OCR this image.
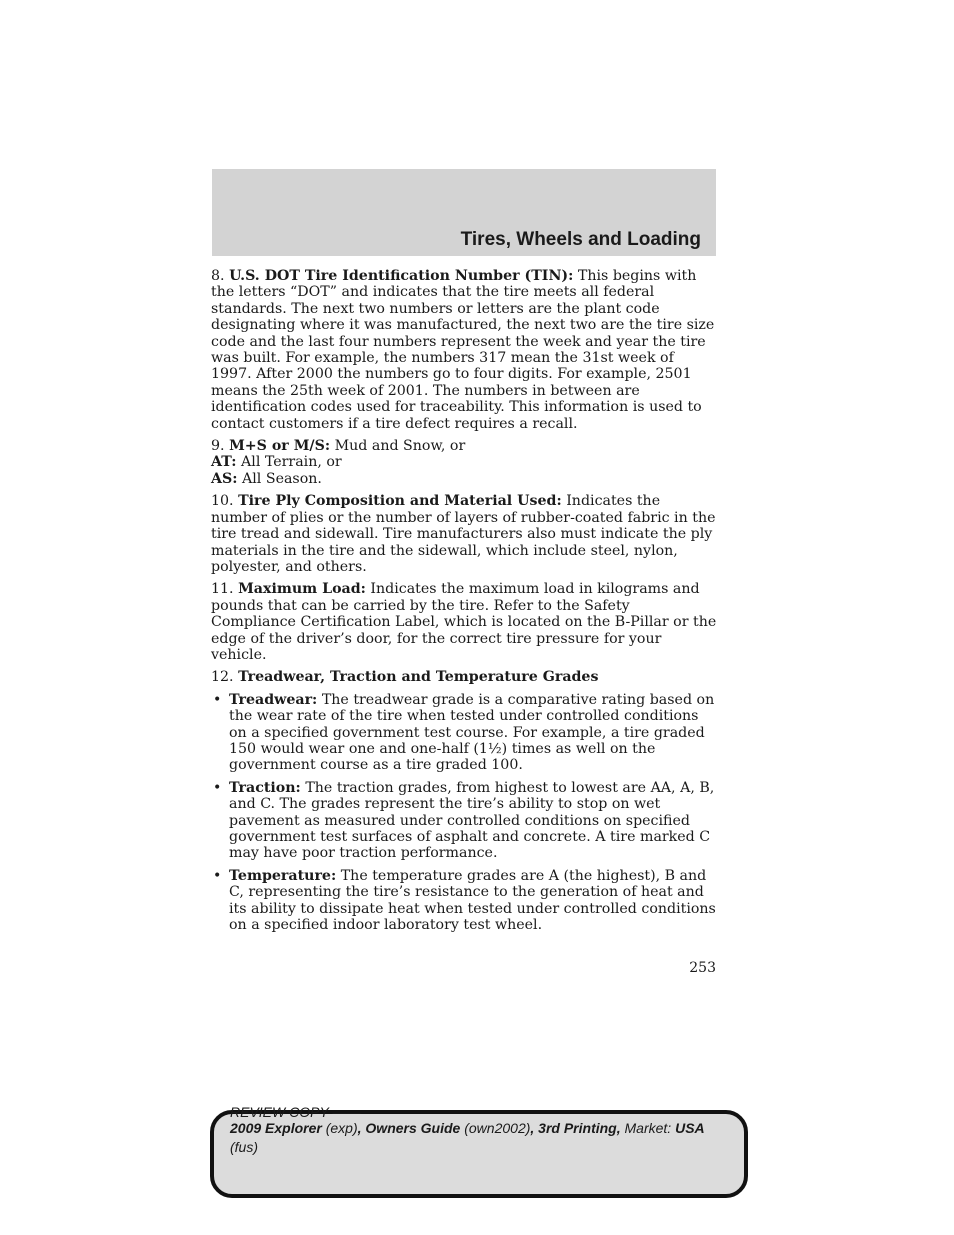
Tires, Wheels and Loading

8. U.S. DOT Tire Identification Number (TIN): This begins with the letters “DOT” and indicates that the tire meets all federal standards. The next two numbers or letters are the plant code designating where it was manufactured, the next two are the tire size code and the last four numbers represent the week and year the tire was built. For example, the numbers 317 mean the 31st week of 1997. After 2000 the numbers go to four digits. For example, 2501 means the 25th week of 2001. The numbers in between are identification codes used for traceability. This information is used to contact customers if a tire defect requires a recall.

9. M+S or M/S: Mud and Snow, or
AT: All Terrain, or
AS: All Season.

10. Tire Ply Composition and Material Used: Indicates the number of plies or the number of layers of rubber-coated fabric in the tire tread and sidewall. Tire manufacturers also must indicate the ply materials in the tire and the sidewall, which include steel, nylon, polyester, and others.

11. Maximum Load: Indicates the maximum load in kilograms and pounds that can be carried by the tire. Refer to the Safety Compliance Certification Label, which is located on the B-Pillar or the edge of the driver’s door, for the correct tire pressure for your vehicle.

12. Treadwear, Traction and Temperature Grades

• Treadwear: The treadwear grade is a comparative rating based on the wear rate of the tire when tested under controlled conditions on a specified government test course. For example, a tire graded 150 would wear one and one-half (1½) times as well on the government course as a tire graded 100.
• Traction: The traction grades, from highest to lowest are AA, A, B, and C. The grades represent the tire’s ability to stop on wet pavement as measured under controlled conditions on specified government test surfaces of asphalt and concrete. A tire marked C may have poor traction performance.
• Temperature: The temperature grades are A (the highest), B and C, representing the tire’s resistance to the generation of heat and its ability to dissipate heat when tested under controlled conditions on a specified indoor laboratory test wheel.
253
REVIEW COPY ——
2009 Explorer (exp), Owners Guide (own2002), 3rd Printing, Market: USA
(fus)
